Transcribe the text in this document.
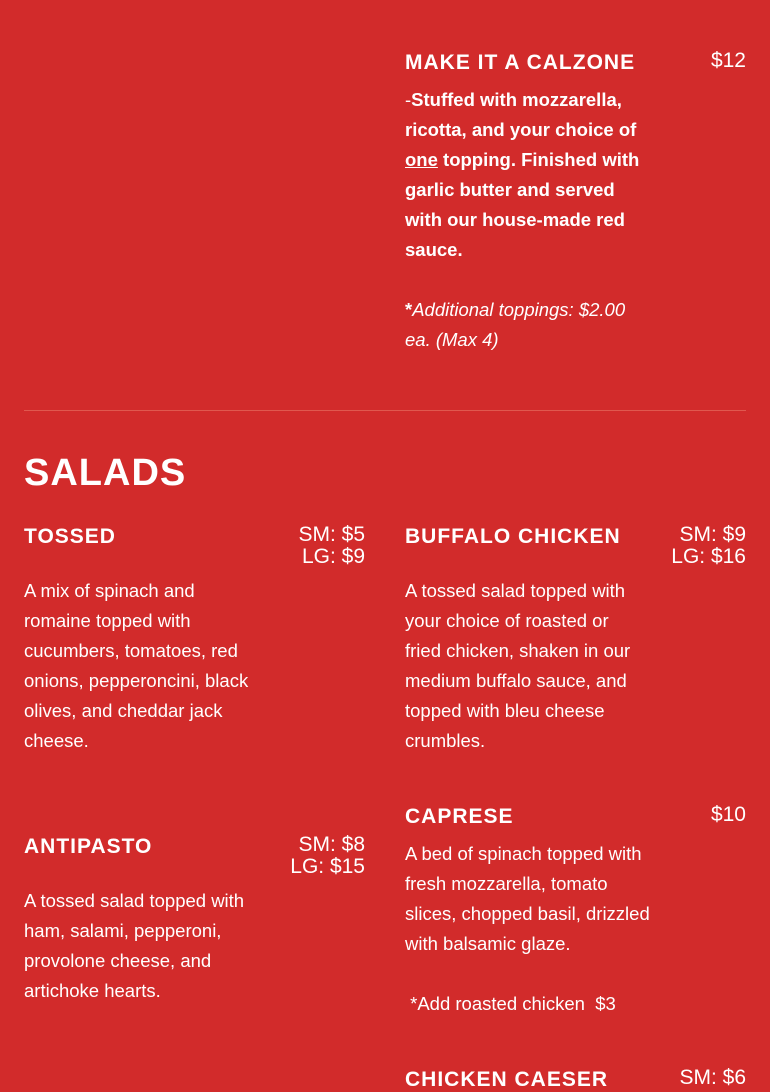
MAKE IT A CALZONE	$12
-Stuffed with mozzarella, ricotta, and your choice of one topping. Finished with garlic butter and served with our house-made red sauce.
*Additional toppings: $2.00 ea. (Max 4)
SALADS
TOSSED	SM: $5
LG: $9
A mix of spinach and romaine topped with cucumbers, tomatoes, red onions, pepperoncini, black olives, and cheddar jack cheese.
BUFFALO CHICKEN	SM: $9
LG: $16
A tossed salad topped with your choice of roasted or fried chicken, shaken in our medium buffalo sauce, and topped with bleu cheese crumbles.
ANTIPASTO	SM: $8
LG: $15
A tossed salad topped with ham, salami, pepperoni, provolone cheese, and artichoke hearts.
CAPRESE	$10
A bed of spinach topped with fresh mozzarella, tomato slices, chopped basil, drizzled with balsamic glaze.
*Add roasted chicken  $3
CHICKEN CAESER	SM: $6
